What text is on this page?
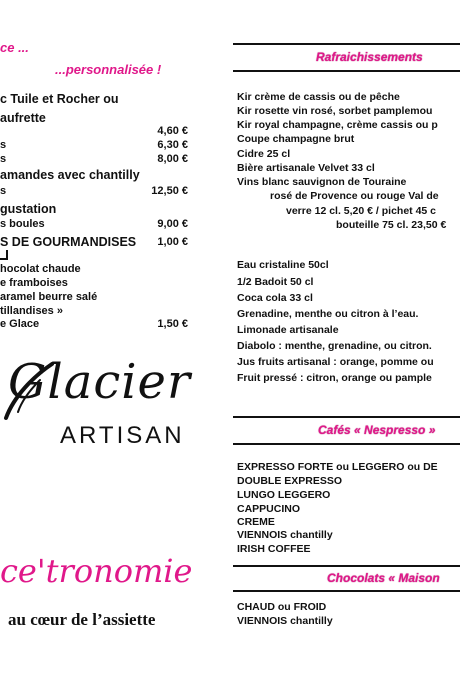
ce ...
...personnalisée !
c Tuile et Rocher ou
aufrette
4,60 €
s	6,30 €
s	8,00 €
amandes avec chantilly
s	12,50 €
gustation
s boules	9,00 €
S DE GOURMANDISES	1,00 €
hocolat chaude
e framboises
aramel beurre salé
tillandises »
e Glace	1,50 €
Glacier
ARTISAN
ce'tronomie
au cœur de l’assiette
Rafraichissements
Kir crème de cassis ou de pêche
Kir rosette vin rosé, sorbet pamplemou
Kir royal champagne, crème cassis ou p
Coupe champagne brut
Cidre 25 cl
Bière artisanale Velvet 33 cl
Vins blanc sauvignon de Touraine
rosé de Provence ou rouge Val de
verre 12 cl. 5,20 € / pichet 45 c
bouteille 75 cl. 23,50 €
Eau cristaline 50cl
1/2 Badoit 50 cl
Coca cola 33 cl
Grenadine, menthe ou citron à l’eau.
Limonade artisanale
Diabolo : menthe, grenadine, ou citron.
Jus fruits artisanal : orange, pomme ou
Fruit pressé : citron, orange ou pample
Cafés « Nespresso »
EXPRESSO FORTE ou LEGGERO ou DE
DOUBLE EXPRESSO
LUNGO LEGGERO
CAPPUCINO
CREME
VIENNOIS chantilly
IRISH COFFEE
Chocolats « Maison
CHAUD ou FROID
VIENNOIS chantilly
